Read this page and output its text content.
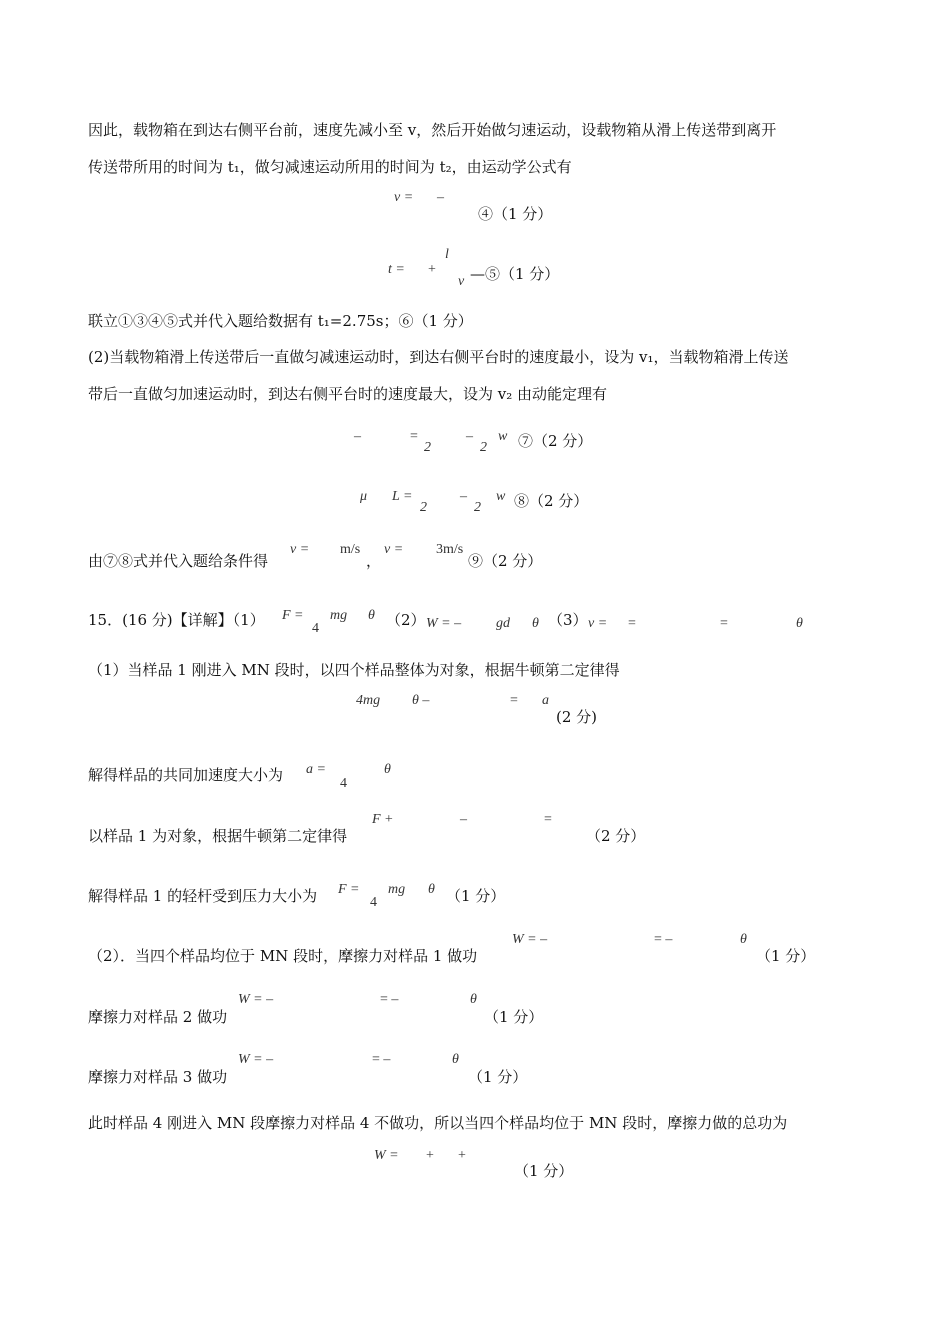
因此，载物箱在到达右侧平台前，速度先减小至 v，然后开始做匀速运动，设载物箱从滑上传送带到离开
传送带所用的时间为 t₁，做匀减速运动所用的时间为 t₂，由运动学公式有
v = –
④（1 分）
t = +
l
v —⑤（1 分）
联立①③④⑤式并代入题给数据有 t₁=2.75s；⑥（1 分）
(2)当载物箱滑上传送带后一直做匀减速运动时，到达右侧平台时的速度最小，设为 v₁，当载物箱滑上传送
带后一直做匀加速运动时，到达右侧平台时的速度最大，设为 v₂ 由动能定理有
–	=
2
–
2
w ⑦（2 分）
μ L =
2
–
2
w ⑧（2 分）
由⑦⑧式并代入题给条件得
v = m/s
，
v = 3m/s
⑨（2 分）
15．(16 分)【详解】（1） F =
4
mg θ （2） W = – gd θ （3） v = =	=	θ
（1）当样品 1 刚进入 MN 段时，以四个样品整体为对象，根据牛顿第二定律得
4mg θ –	= a
(2 分)
解得样品的共同加速度大小为 a =
4
θ
以样品 1 为对象，根据牛顿第二定律得
F +	–	=
（2 分）
解得样品 1 的轻杆受到压力大小为 F =
4
mg θ （1 分）
（2）．当四个样品均位于 MN 段时，摩擦力对样品 1 做功
W = –	= –	θ
（1 分）
摩擦力对样品 2 做功
W = –	= –	θ
（1 分）
摩擦力对样品 3 做功
W = –	= –	θ
（1 分）
此时样品 4 刚进入 MN 段摩擦力对样品 4 不做功，所以当四个样品均位于 MN 段时，摩擦力做的总功为
W = + +
（1 分）
